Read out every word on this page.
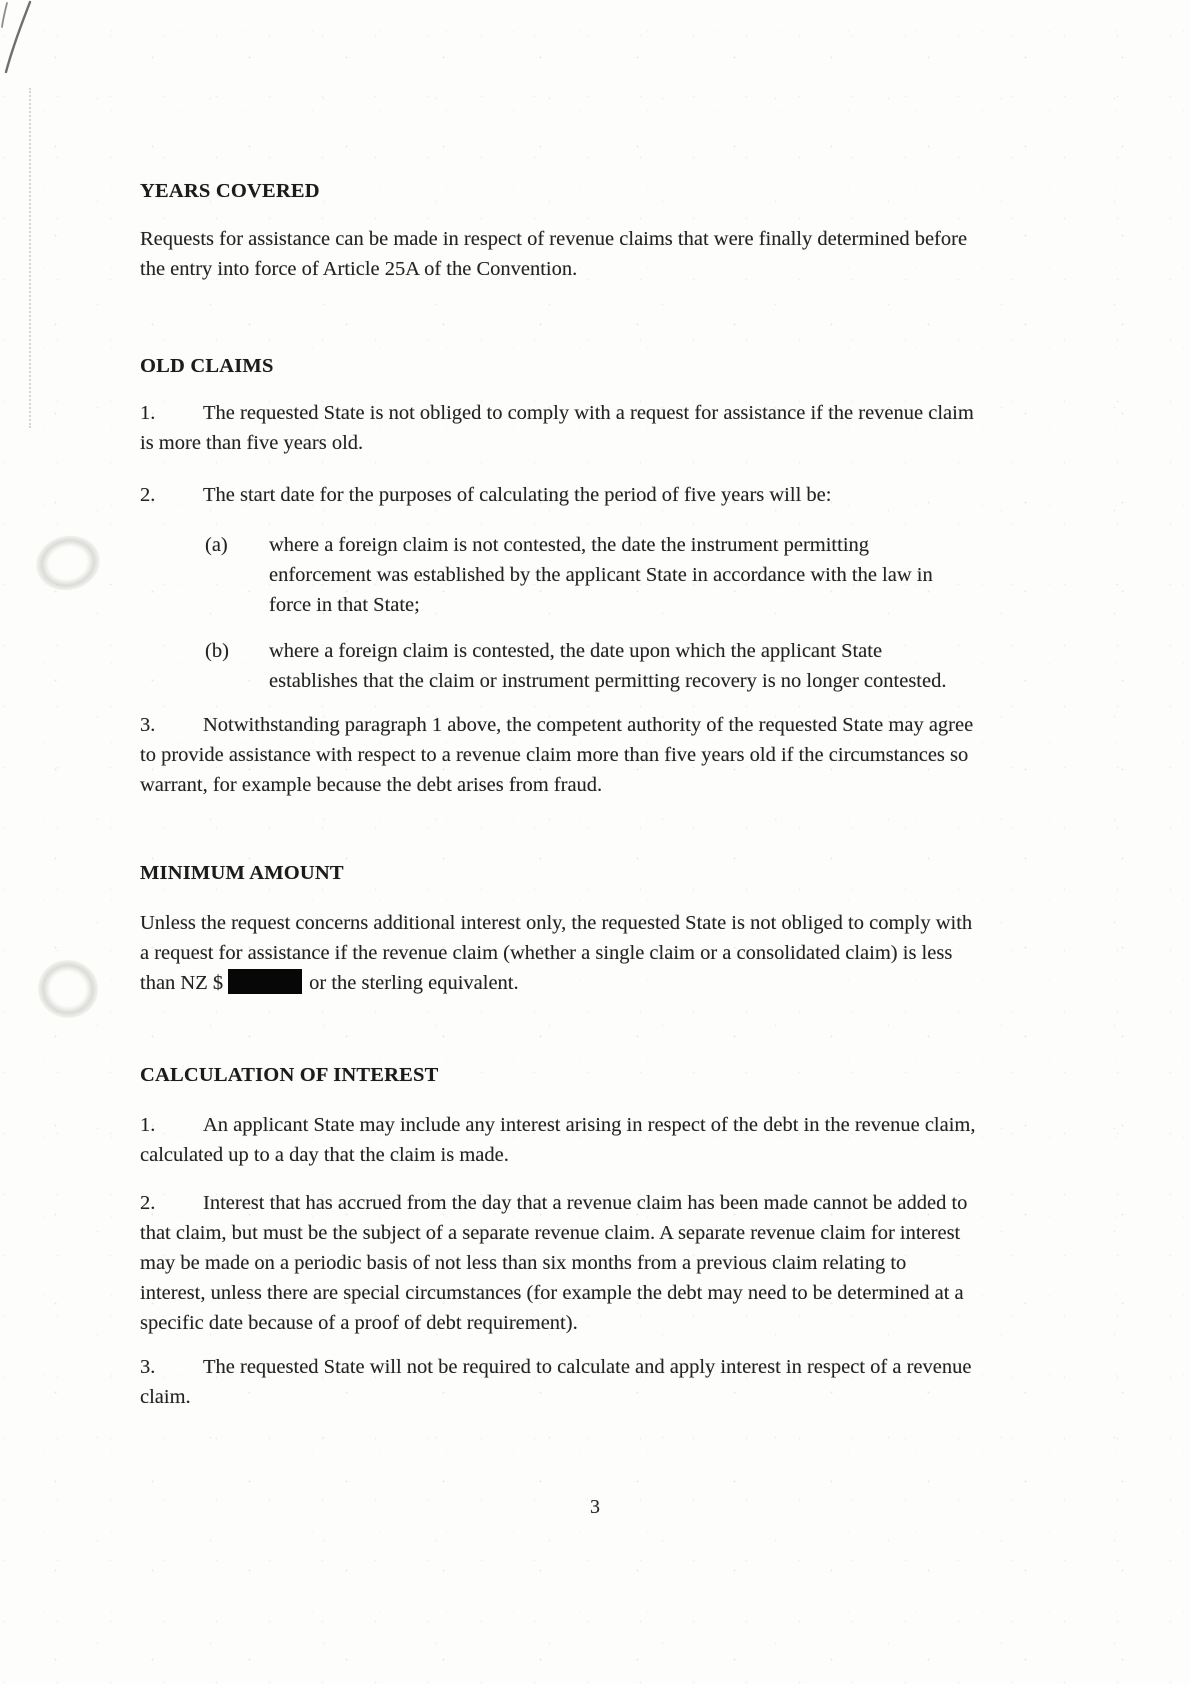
YEARS COVERED

Requests for assistance can be made in respect of revenue claims that were finally determined before the entry into force of Article 25A of the Convention.

OLD CLAIMS

1. The requested State is not obliged to comply with a request for assistance if the revenue claim is more than five years old.

2. The start date for the purposes of calculating the period of five years will be:

(a) where a foreign claim is not contested, the date the instrument permitting enforcement was established by the applicant State in accordance with the law in force in that State;

(b) where a foreign claim is contested, the date upon which the applicant State establishes that the claim or instrument permitting recovery is no longer contested.

3. Notwithstanding paragraph 1 above, the competent authority of the requested State may agree to provide assistance with respect to a revenue claim more than five years old if the circumstances so warrant, for example because the debt arises from fraud.

MINIMUM AMOUNT

Unless the request concerns additional interest only, the requested State is not obliged to comply with a request for assistance if the revenue claim (whether a single claim or a consolidated claim) is less than NZ $	or the sterling equivalent.

CALCULATION OF INTEREST

1. An applicant State may include any interest arising in respect of the debt in the revenue claim, calculated up to a day that the claim is made.

2. Interest that has accrued from the day that a revenue claim has been made cannot be added to that claim, but must be the subject of a separate revenue claim. A separate revenue claim for interest may be made on a periodic basis of not less than six months from a previous claim relating to interest, unless there are special circumstances (for example the debt may need to be determined at a specific date because of a proof of debt requirement).

3. The requested State will not be required to calculate and apply interest in respect of a revenue claim.

3
